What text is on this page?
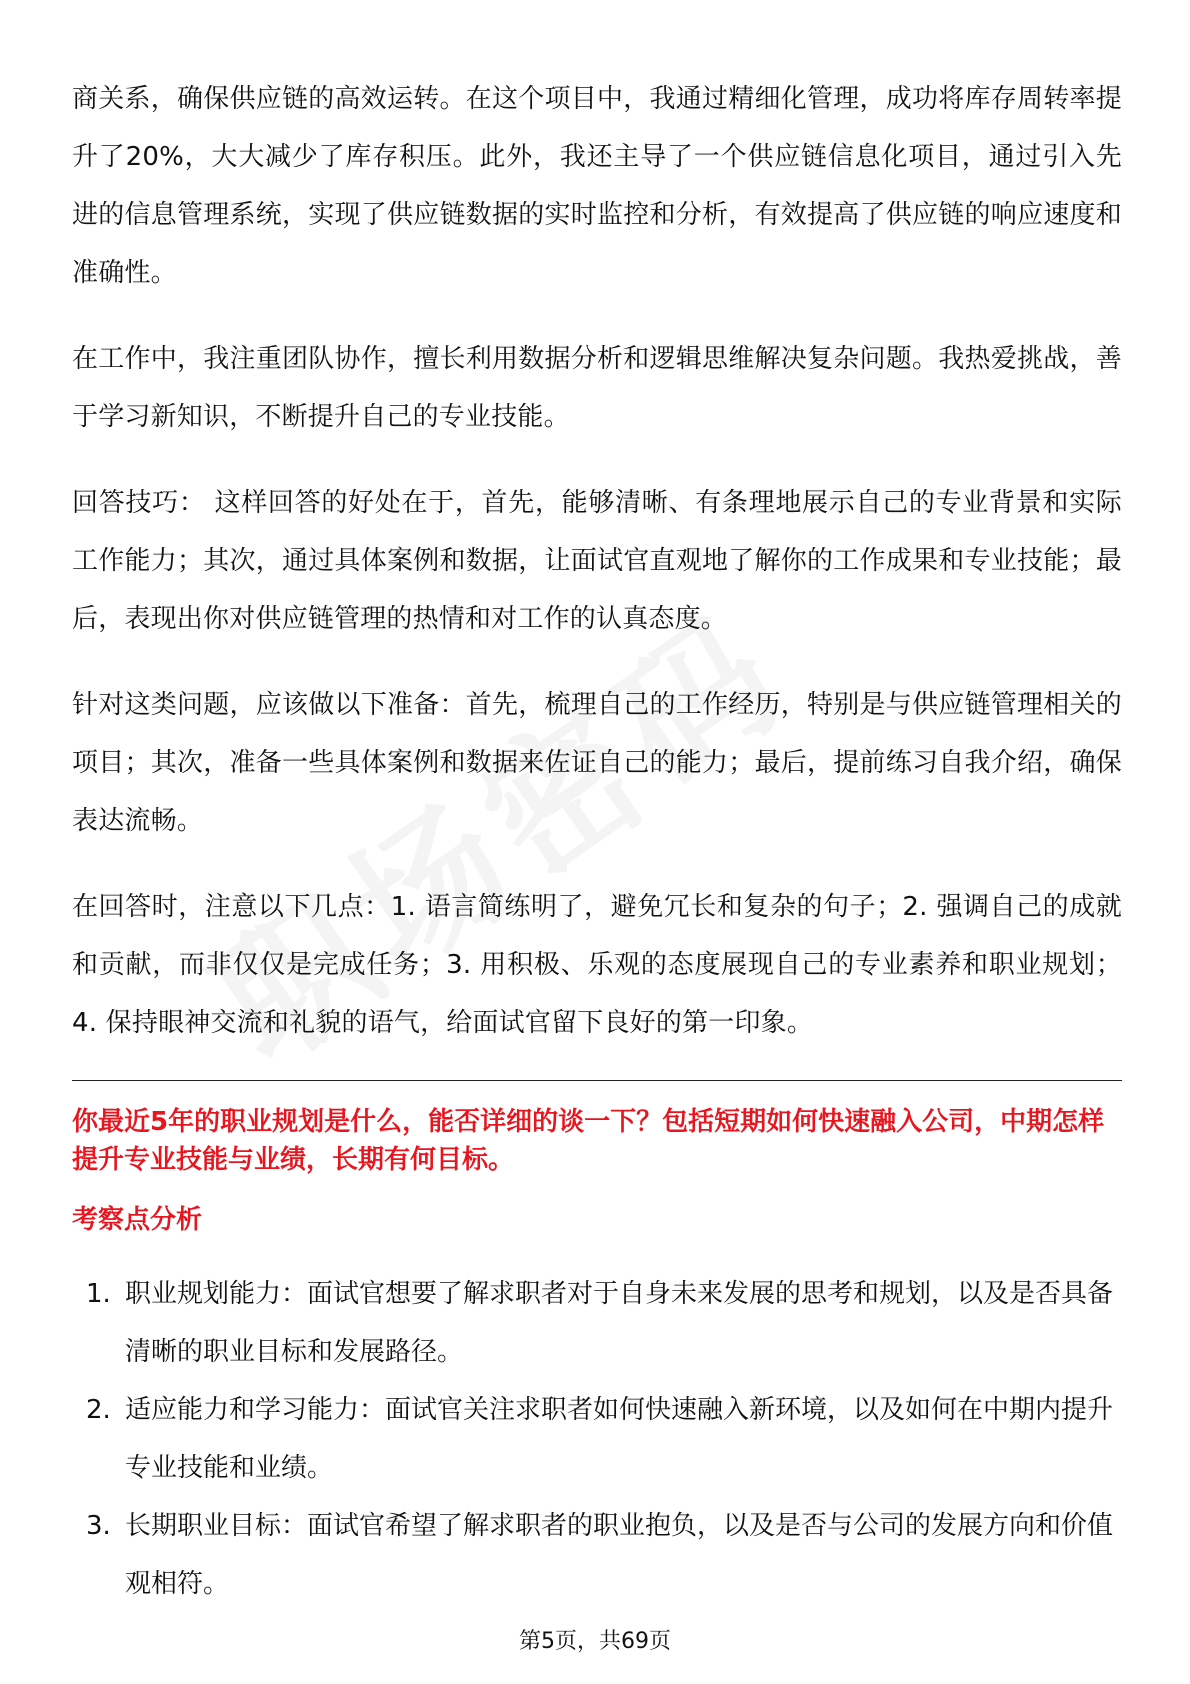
商关系，确保供应链的高效运转。在这个项目中，我通过精细化管理，成功将库存周转率提升了20%，大大减少了库存积压。此外，我还主导了一个供应链信息化项目，通过引入先进的信息管理系统，实现了供应链数据的实时监控和分析，有效提高了供应链的响应速度和准确性。

在工作中，我注重团队协作，擅长利用数据分析和逻辑思维解决复杂问题。我热爱挑战，善于学习新知识，不断提升自己的专业技能。

回答技巧： 这样回答的好处在于，首先，能够清晰、有条理地展示自己的专业背景和实际工作能力；其次，通过具体案例和数据，让面试官直观地了解你的工作成果和专业技能；最后，表现出你对供应链管理的热情和对工作的认真态度。

针对这类问题，应该做以下准备：首先，梳理自己的工作经历，特别是与供应链管理相关的项目；其次，准备一些具体案例和数据来佐证自己的能力；最后，提前练习自我介绍，确保表达流畅。

在回答时，注意以下几点：1. 语言简练明了，避免冗长和复杂的句子；2. 强调自己的成就和贡献，而非仅仅是完成任务；3. 用积极、乐观的态度展现自己的专业素养和职业规划；4. 保持眼神交流和礼貌的语气，给面试官留下良好的第一印象。

你最近5年的职业规划是什么，能否详细的谈一下？包括短期如何快速融入公司，中期怎样提升专业技能与业绩，长期有何目标。
考察点分析
1. 职业规划能力：面试官想要了解求职者对于自身未来发展的思考和规划，以及是否具备清晰的职业目标和发展路径。
2. 适应能力和学习能力：面试官关注求职者如何快速融入新环境，以及如何在中期内提升专业技能和业绩。
3. 长期职业目标：面试官希望了解求职者的职业抱负，以及是否与公司的发展方向和价值观相符。
第5页，共69页
